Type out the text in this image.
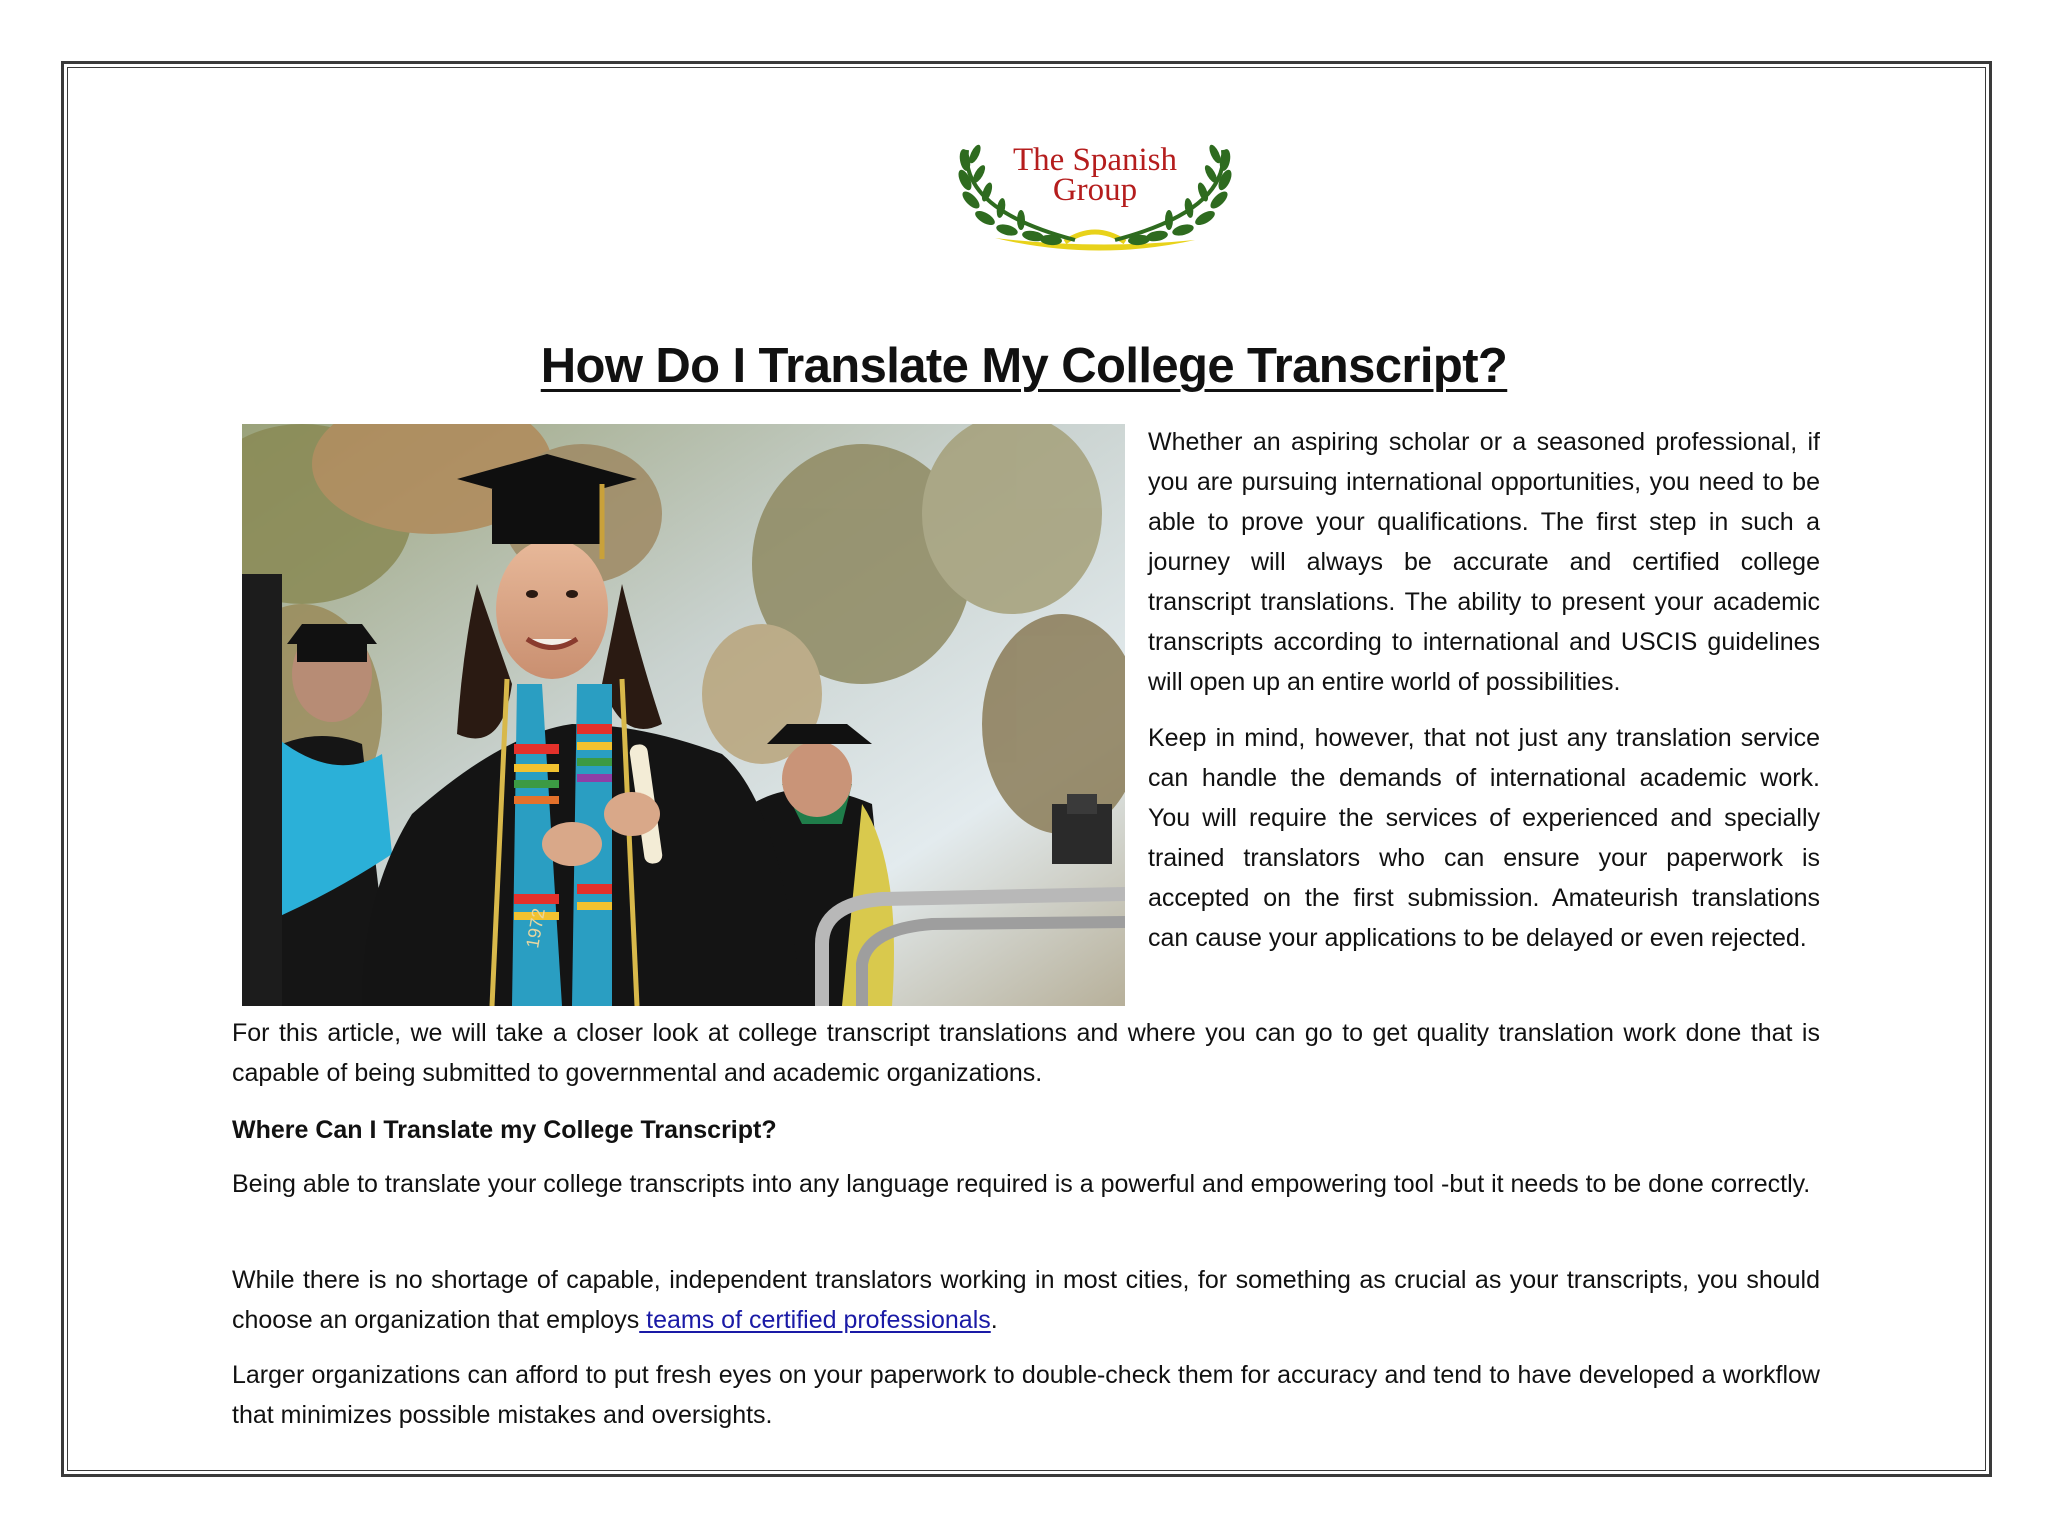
The Spanish
Group
How Do I Translate My College Transcript?
1972
Whether an aspiring scholar or a seasoned professional, if you are pursuing international opportunities, you need to be able to prove your qualifications. The first step in such a journey will always be accurate and certified college transcript translations. The ability to present your academic transcripts according to international and USCIS guidelines will open up an entire world of possibilities.
Keep in mind, however, that not just any translation service can handle the demands of international academic work. You will require the services of experienced and specially trained translators who can ensure your paperwork is accepted on the first submission. Amateurish translations can cause your applications to be delayed or even rejected.
For this article, we will take a closer look at college transcript translations and where you can go to get quality translation work done that is capable of being submitted to governmental and academic organizations.
Where Can I Translate my College Transcript?
Being able to translate your college transcripts into any language required is a powerful and empowering tool -but it needs to be done correctly.
While there is no shortage of capable, independent translators working in most cities, for something as crucial as your transcripts, you should choose an organization that employs teams of certified professionals.
Larger organizations can afford to put fresh eyes on your paperwork to double-check them for accuracy and tend to have developed a workflow that minimizes possible mistakes and oversights.
